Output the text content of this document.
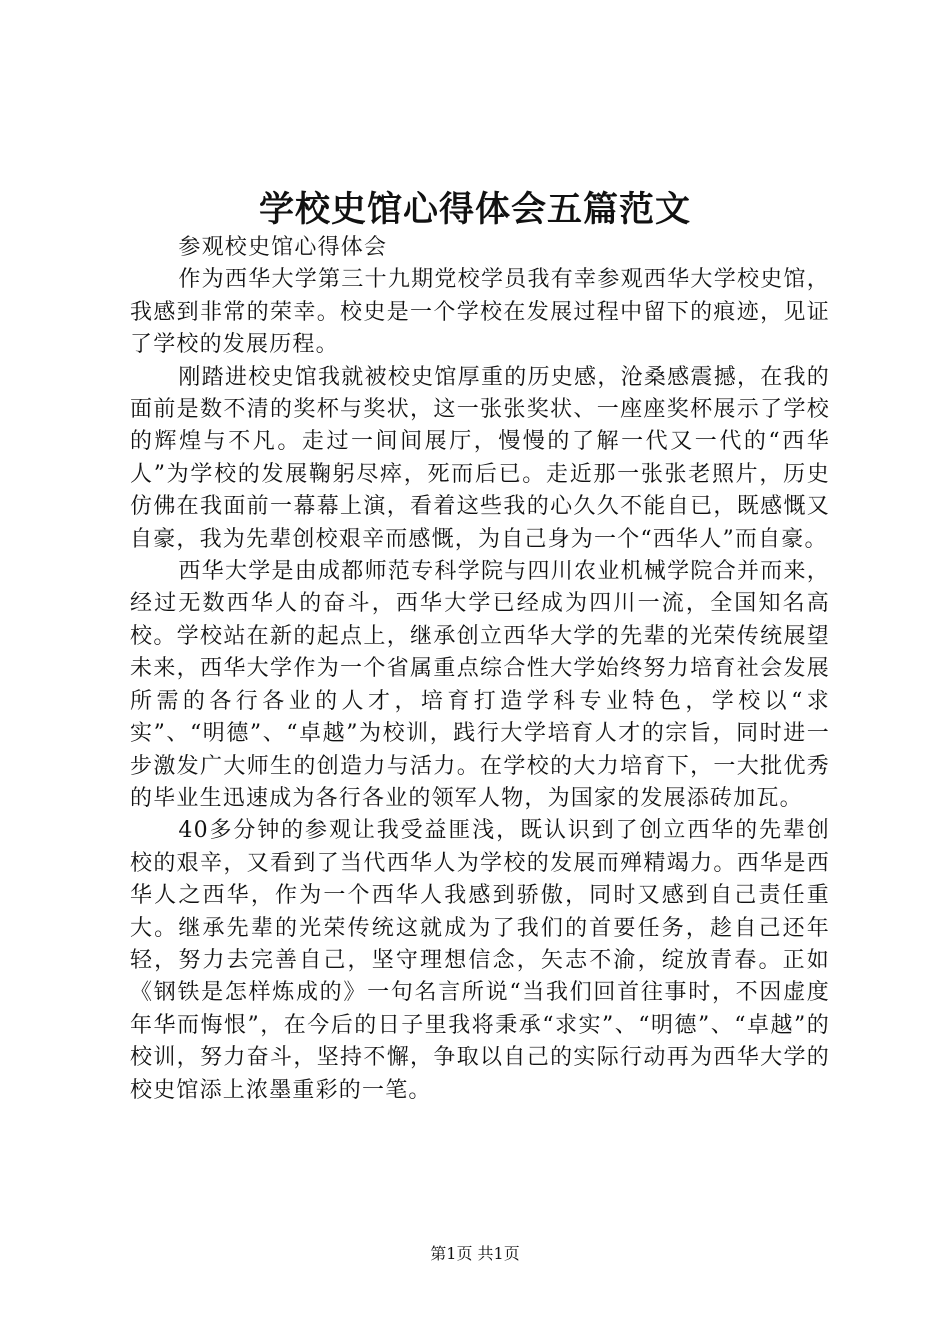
学校史馆心得体会五篇范文

参观校史馆心得体会

作为西华大学第三十九期党校学员我有幸参观西华大学校史馆，我感到非常的荣幸。校史是一个学校在发展过程中留下的痕迹，见证了学校的发展历程。

刚踏进校史馆我就被校史馆厚重的历史感，沧桑感震撼，在我的面前是数不清的奖杯与奖状，这一张张奖状、一座座奖杯展示了学校的辉煌与不凡。走过一间间展厅，慢慢的了解一代又一代的“西华人”为学校的发展鞠躬尽瘁，死而后已。走近那一张张老照片，历史仿佛在我面前一幕幕上演，看着这些我的心久久不能自已，既感慨又自豪，我为先辈创校艰辛而感慨，为自己身为一个“西华人”而自豪。

西华大学是由成都师范专科学院与四川农业机械学院合并而来，经过无数西华人的奋斗，西华大学已经成为四川一流，全国知名高校。学校站在新的起点上，继承创立西华大学的先辈的光荣传统展望未来，西华大学作为一个省属重点综合性大学始终努力培育社会发展所需的各行各业的人才，培育打造学科专业特色，学校以“求实”、“明德”、“卓越”为校训，践行大学培育人才的宗旨，同时进一步激发广大师生的创造力与活力。在学校的大力培育下，一大批优秀的毕业生迅速成为各行各业的领军人物，为国家的发展添砖加瓦。

40多分钟的参观让我受益匪浅，既认识到了创立西华的先辈创校的艰辛，又看到了当代西华人为学校的发展而殚精竭力。西华是西华人之西华，作为一个西华人我感到骄傲，同时又感到自己责任重大。继承先辈的光荣传统这就成为了我们的首要任务，趁自己还年轻，努力去完善自己，坚守理想信念，矢志不渝，绽放青春。正如《钢铁是怎样炼成的》一句名言所说“当我们回首往事时，不因虚度年华而悔恨”，在今后的日子里我将秉承“求实”、“明德”、“卓越”的校训，努力奋斗，坚持不懈，争取以自己的实际行动再为西华大学的校史馆添上浓墨重彩的一笔。

第1页 共1页
